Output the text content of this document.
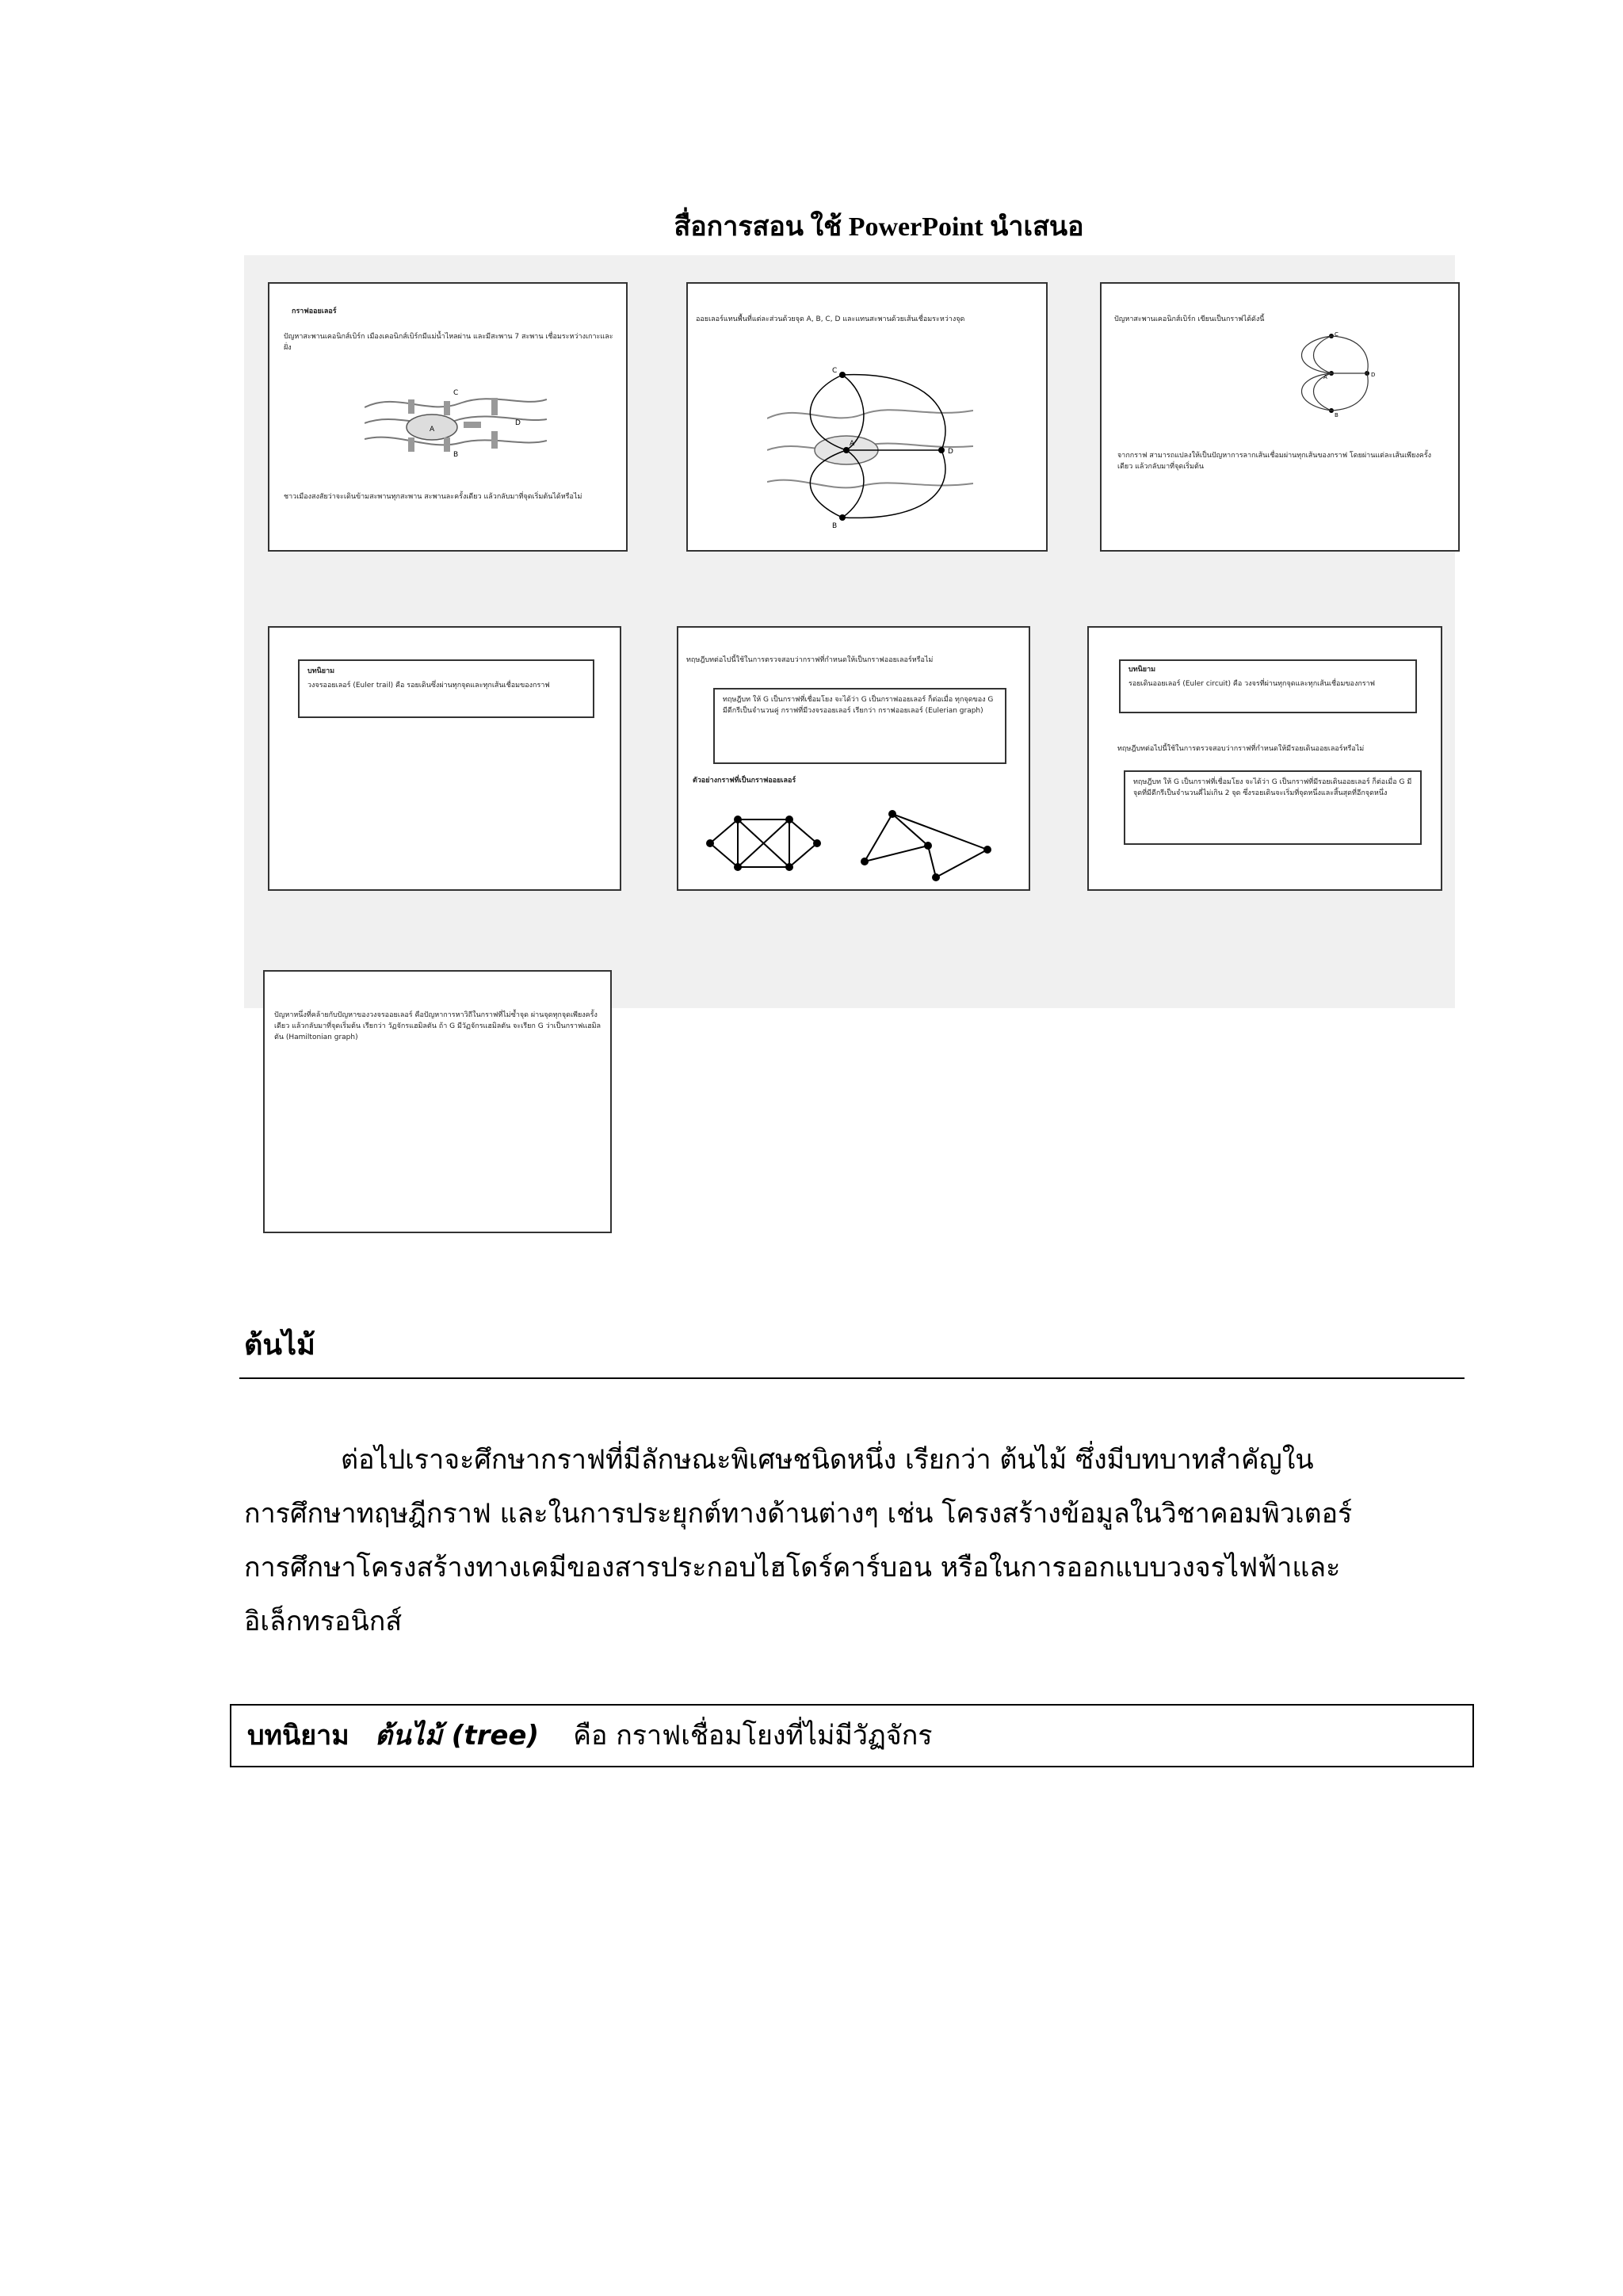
สื่อการสอน ใช้ PowerPoint นำเสนอ
กราฟออยเลอร์
ปัญหาสะพานเคอนิกส์เบิร์ก เมืองเคอนิกส์เบิร์กมีแม่น้ำไหลผ่าน และมีสะพาน 7 สะพาน เชื่อมระหว่างเกาะและฝั่ง
A
B
C
D
ชาวเมืองสงสัยว่าจะเดินข้ามสะพานทุกสะพาน สะพานละครั้งเดียว แล้วกลับมาที่จุดเริ่มต้นได้หรือไม่
ออยเลอร์แทนพื้นที่แต่ละส่วนด้วยจุด A, B, C, D และแทนสะพานด้วยเส้นเชื่อมระหว่างจุด
C
A
B
D
ปัญหาสะพานเคอนิกส์เบิร์ก เขียนเป็นกราฟได้ดังนี้
A
B
C
D
จากกราฟ สามารถแปลงให้เป็นปัญหาการลากเส้นเชื่อมผ่านทุกเส้นของกราฟ โดยผ่านแต่ละเส้นเพียงครั้งเดียว แล้วกลับมาที่จุดเริ่มต้น
บทนิยาม
วงจรออยเลอร์ (Euler trail) คือ รอยเดินซึ่งผ่านทุกจุดและทุกเส้นเชื่อมของกราฟ
ทฤษฎีบทต่อไปนี้ใช้ในการตรวจสอบว่ากราฟที่กำหนดให้เป็นกราฟออยเลอร์หรือไม่
ทฤษฎีบท ให้ G เป็นกราฟที่เชื่อมโยง จะได้ว่า G เป็นกราฟออยเลอร์ ก็ต่อเมื่อ ทุกจุดของ G มีดีกรีเป็นจำนวนคู่ กราฟที่มีวงจรออยเลอร์ เรียกว่า กราฟออยเลอร์ (Eulerian graph)
ตัวอย่างกราฟที่เป็นกราฟออยเลอร์
บทนิยาม
รอยเดินออยเลอร์ (Euler circuit) คือ วงจรที่ผ่านทุกจุดและทุกเส้นเชื่อมของกราฟ
ทฤษฎีบทต่อไปนี้ใช้ในการตรวจสอบว่ากราฟที่กำหนดให้มีรอยเดินออยเลอร์หรือไม่
ทฤษฎีบท ให้ G เป็นกราฟที่เชื่อมโยง จะได้ว่า G เป็นกราฟที่มีรอยเดินออยเลอร์ ก็ต่อเมื่อ G มีจุดที่มีดีกรีเป็นจำนวนคี่ไม่เกิน 2 จุด ซึ่งรอยเดินจะเริ่มที่จุดหนึ่งและสิ้นสุดที่อีกจุดหนึ่ง
ปัญหาหนึ่งที่คล้ายกับปัญหาของวงจรออยเลอร์ คือปัญหาการหาวิถีในกราฟที่ไม่ซ้ำจุด ผ่านจุดทุกจุดเพียงครั้งเดียว แล้วกลับมาที่จุดเริ่มต้น เรียกว่า วัฏจักรแฮมิลตัน ถ้า G มีวัฏจักรแฮมิลตัน จะเรียก G ว่าเป็นกราฟแฮมิลตัน (Hamiltonian graph)
ต้นไม้
ต่อไปเราจะศึกษากราฟที่มีลักษณะพิเศษชนิดหนึ่ง เรียกว่า ต้นไม้ ซึ่งมีบทบาทสำคัญใน
การศึกษาทฤษฎีกราฟ และในการประยุกต์ทางด้านต่างๆ เช่น โครงสร้างข้อมูลในวิชาคอมพิวเตอร์
การศึกษาโครงสร้างทางเคมีของสารประกอบไฮโดร์คาร์บอน หรือในการออกแบบวงจรไฟฟ้าและ
อิเล็กทรอนิกส์
บทนิยาม ต้นไม้ (tree) คือ กราฟเชื่อมโยงที่ไม่มีวัฏจักร
